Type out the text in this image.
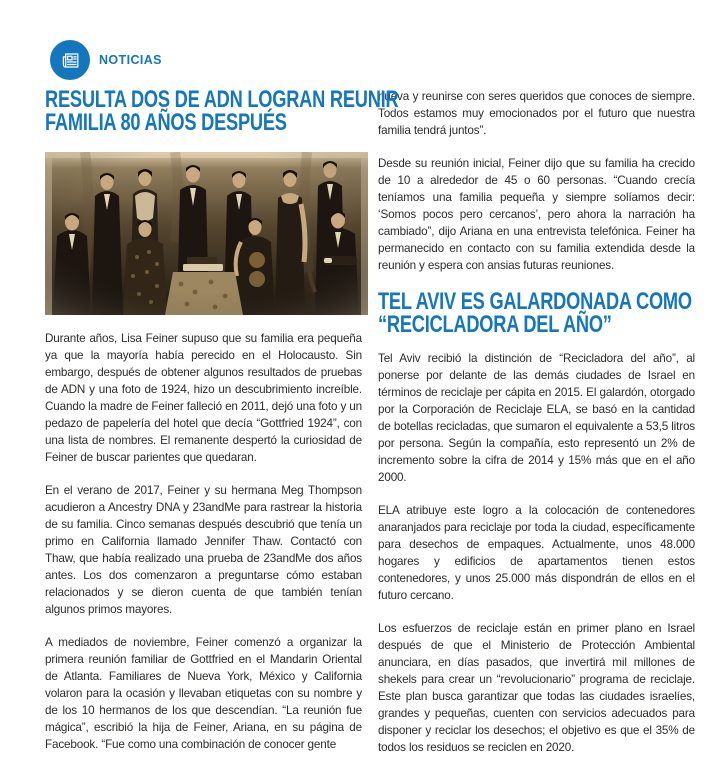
NOTICIAS
RESULTA DOS DE ADN LOGRAN REUNIR
FAMILIA 80 AÑOS DESPUÉS

Durante años, Lisa Feiner supuso que su familia era pequeña ya que la mayoría había perecido en el Holocausto. Sin embargo, después de obtener algunos resultados de pruebas de ADN y una foto de 1924, hizo un descubrimiento increíble. Cuando la madre de Feiner falleció en 2011, dejó una foto y un pedazo de papelería del hotel que decía “Gottfried 1924”, con una lista de nombres. El remanente despertó la curiosidad de Feiner de buscar parientes que quedaran.

En el verano de 2017, Feiner y su hermana Meg Thompson acudieron a Ancestry DNA y 23andMe para rastrear la historia de su familia. Cinco semanas después descubrió que tenía un primo en California llamado Jennifer Thaw. Contactó con Thaw, que había realizado una prueba de 23andMe dos años antes. Los dos comenzaron a preguntarse cómo estaban relacionados y se dieron cuenta de que también tenían algunos primos mayores.

A mediados de noviembre, Feiner comenzó a organizar la primera reunión familiar de Gottfried en el Mandarin Oriental de Atlanta. Familiares de Nueva York, México y California volaron para la ocasión y llevaban etiquetas con su nombre y de los 10 hermanos de los que descendían. “La reunión fue mágica”, escribió la hija de Feiner, Ariana, en su página de Facebook. “Fue como una combinación de conocer gente

nueva y reunirse con seres queridos que conoces de siempre. Todos estamos muy emocionados por el futuro que nuestra familia tendrá juntos”.

Desde su reunión inicial, Feiner dijo que su familia ha crecido de 10 a alrededor de 45 o 60 personas. “Cuando crecía teníamos una familia pequeña y siempre solíamos decir: ‘Somos pocos pero cercanos’, pero ahora la narración ha cambiado”, dijo Ariana en una entrevista telefónica. Feiner ha permanecido en contacto con su familia extendida desde la reunión y espera con ansias futuras reuniones.

TEL AVIV ES GALARDONADA COMO
“RECICLADORA DEL AÑO”

Tel Aviv recibió la distinción de “Recicladora del año”, al ponerse por delante de las demás ciudades de Israel en términos de reciclaje per cápita en 2015. El galardón, otorgado por la Corporación de Reciclaje ELA, se basó en la cantidad de botellas recicladas, que sumaron el equivalente a 53,5 litros por persona. Según la compañía, esto representó un 2% de incremento sobre la cifra de 2014 y 15% más que en el año 2000.

ELA atribuye este logro a la colocación de contenedores anaranjados para reciclaje por toda la ciudad, específicamente para desechos de empaques. Actualmente, unos 48.000 hogares y edificios de apartamentos tienen estos contenedores, y unos 25.000 más dispondrán de ellos en el futuro cercano.

Los esfuerzos de reciclaje están en primer plano en Israel después de que el Ministerio de Protección Ambiental anunciara, en días pasados, que invertirá mil millones de shekels para crear un “revolucionario” programa de reciclaje. Este plan busca garantizar que todas las ciudades israelíes, grandes y pequeñas, cuenten con servicios adecuados para disponer y reciclar los desechos; el objetivo es que el 35% de todos los residuos se reciclen en 2020.
